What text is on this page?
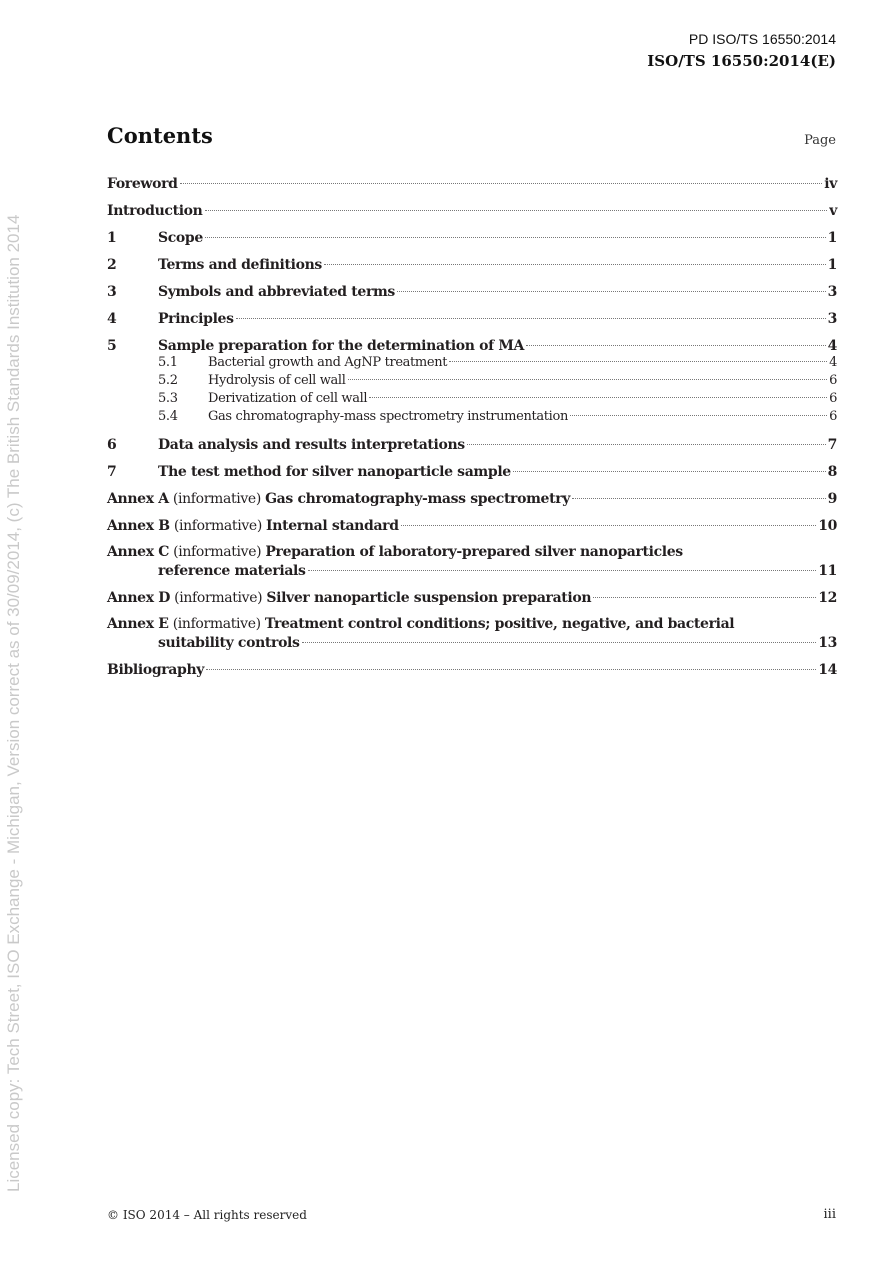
PD ISO/TS 16550:2014
ISO/TS 16550:2014(E)
Licensed copy: Tech Street, ISO Exchange - Michigan, Version correct as of 30/09/2014, (c) The British Standards Institution 2014
Contents	Page
Foreword	iv
Introduction	v
1	Scope	1
2	Terms and definitions	1
3	Symbols and abbreviated terms	3
4	Principles	3
5	Sample preparation for the determination of MA	4
5.1	Bacterial growth and AgNP treatment	4
5.2	Hydrolysis of cell wall	6
5.3	Derivatization of cell wall	6
5.4	Gas chromatography-mass spectrometry instrumentation	6
6	Data analysis and results interpretations	7
7	The test method for silver nanoparticle sample	8
Annex A (informative) Gas chromatography-mass spectrometry	9
Annex B (informative) Internal standard	10
Annex C (informative) Preparation of laboratory-prepared silver nanoparticles
reference materials	11
Annex D (informative) Silver nanoparticle suspension preparation	12
Annex E (informative) Treatment control conditions; positive, negative, and bacterial
suitability controls	13
Bibliography	14
© ISO 2014 – All rights reserved	iii
